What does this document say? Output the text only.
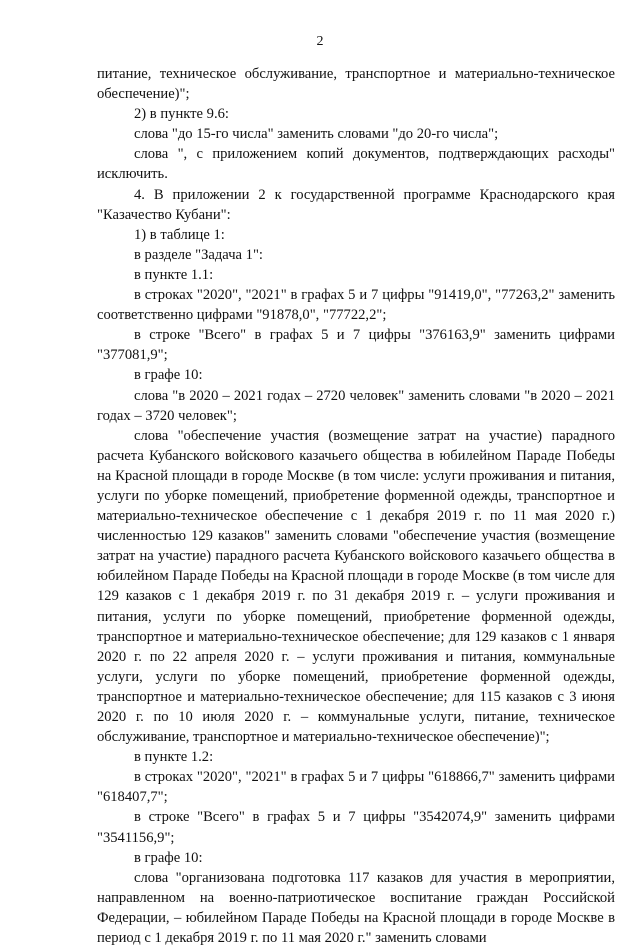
2

питание, техническое обслуживание, транспортное и материально-техническое обеспечение)";

2) в пункте 9.6:

слова "до 15-го числа" заменить словами "до 20-го числа";

слова ", с приложением копий документов, подтверждающих расходы" исключить.

4. В приложении 2 к государственной программе Краснодарского края "Казачество Кубани":

1) в таблице 1:

в разделе "Задача 1":

в пункте 1.1:

в строках "2020", "2021" в графах 5 и 7 цифры "91419,0", "77263,2" заменить соответственно цифрами "91878,0", "77722,2";

в строке "Всего" в графах 5 и 7 цифры "376163,9" заменить цифрами "377081,9";

в графе 10:

слова "в 2020 – 2021 годах – 2720 человек" заменить словами "в 2020 – 2021 годах – 3720 человек";

слова "обеспечение участия (возмещение затрат на участие) парадного расчета Кубанского войскового казачьего общества в юбилейном Параде Победы на Красной площади в городе Москве (в том числе: услуги проживания и питания, услуги по уборке помещений, приобретение форменной одежды, транспортное и материально-техническое обеспечение с 1 декабря 2019 г. по 11 мая 2020 г.) численностью 129 казаков" заменить словами "обеспечение участия (возмещение затрат на участие) парадного расчета Кубанского войскового казачьего общества в юбилейном Параде Победы на Красной площади в городе Москве (в том числе для 129 казаков с 1 декабря 2019 г. по 31 декабря 2019 г. – услуги проживания и питания, услуги по уборке помещений, приобретение форменной одежды, транспортное и материально-техническое обеспечение; для 129 казаков с 1 января 2020 г. по 22 апреля 2020 г. – услуги проживания и питания, коммунальные услуги, услуги по уборке помещений, приобретение форменной одежды, транспортное и материально-техническое обеспечение; для 115 казаков с 3 июня 2020 г. по 10 июля 2020 г. – коммунальные услуги, питание, техническое обслуживание, транспортное и материально-техническое обеспечение)";

в пункте 1.2:

в строках "2020", "2021" в графах 5 и 7 цифры "618866,7" заменить цифрами "618407,7";

в строке "Всего" в графах 5 и 7 цифры "3542074,9" заменить цифрами "3541156,9";

в графе 10:

слова "организована подготовка 117 казаков для участия в мероприятии, направленном на военно-патриотическое воспитание граждан Российской Федерации, – юбилейном Параде Победы на Красной площади в городе Москве в период с 1 декабря 2019 г. по 11 мая 2020 г." заменить словами
